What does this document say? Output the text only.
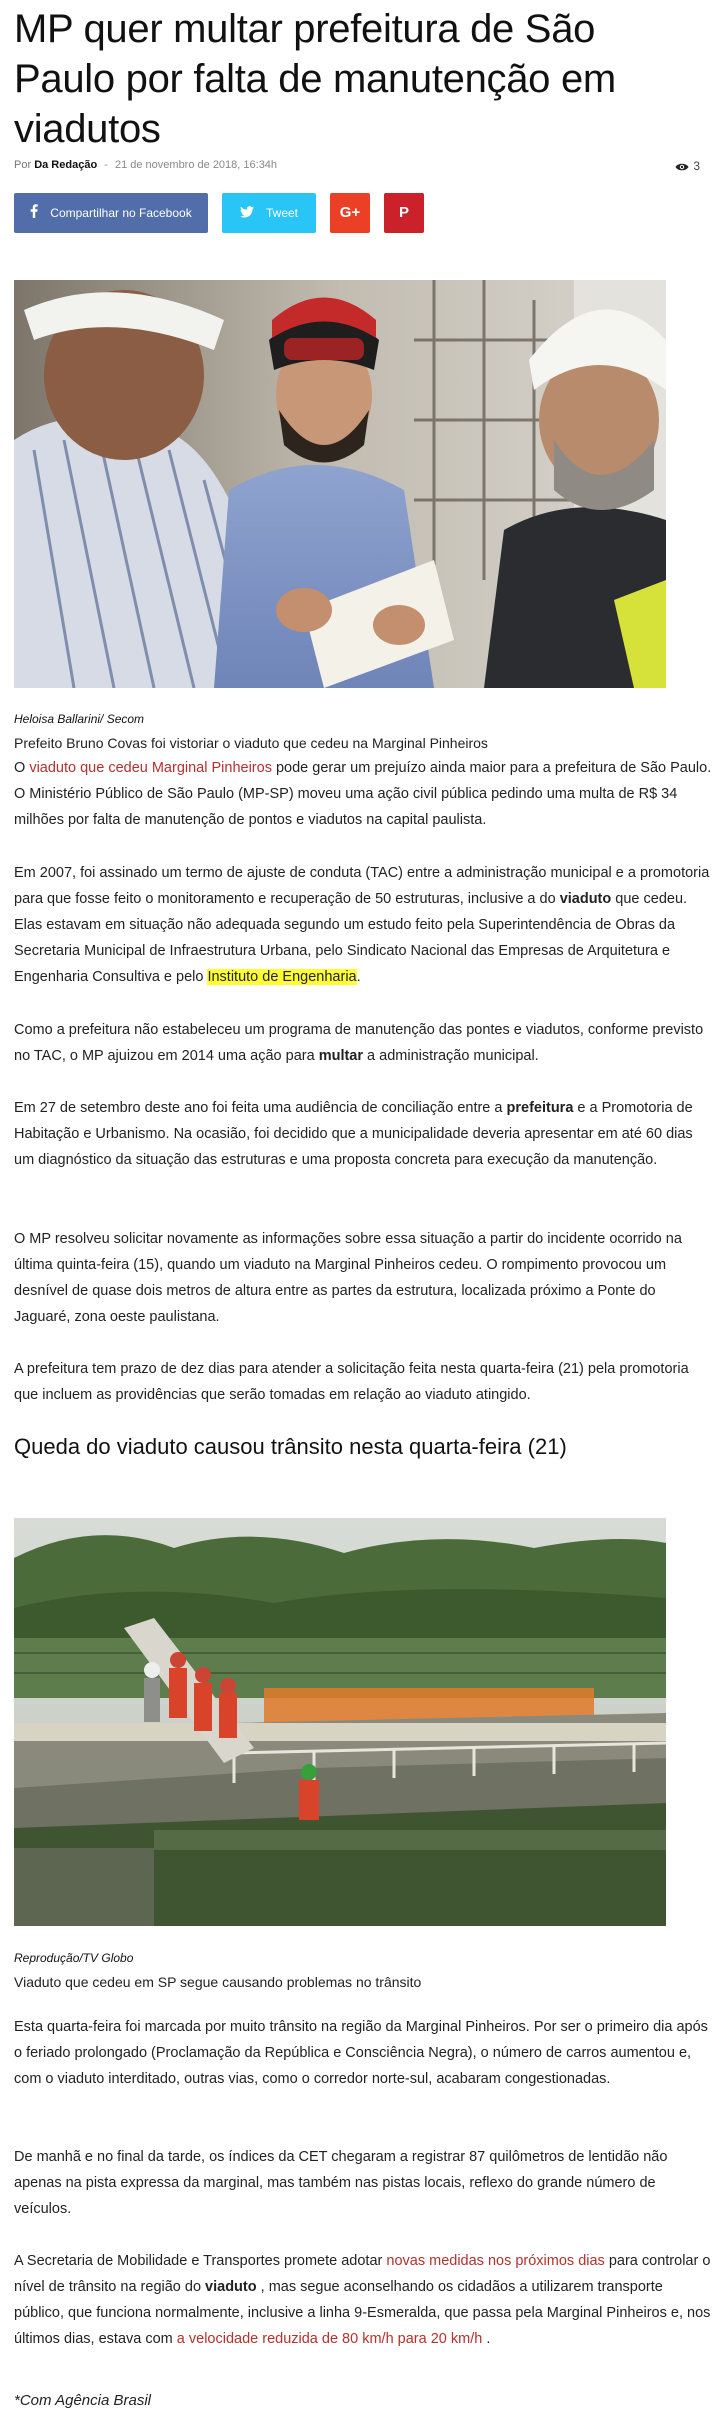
MP quer multar prefeitura de São Paulo por falta de manutenção em viadutos
Por Da Redação - 21 de novembro de 2018, 16:34h	3
Compartilhar no Facebook	Tweet	G+	P
Heloisa Ballarini/ Secom
Prefeito Bruno Covas foi vistoriar o viaduto que cedeu na Marginal Pinheiros

O viaduto que cedeu Marginal Pinheiros pode gerar um prejuízo ainda maior para a prefeitura de São Paulo. O Ministério Público de São Paulo (MP-SP) moveu uma ação civil pública pedindo uma multa de R$ 34 milhões por falta de manutenção de pontos e viadutos na capital paulista.

Em 2007, foi assinado um termo de ajuste de conduta (TAC) entre a administração municipal e a promotoria para que fosse feito o monitoramento e recuperação de 50 estruturas, inclusive a do viaduto que cedeu. Elas estavam em situação não adequada segundo um estudo feito pela Superintendência de Obras da Secretaria Municipal de Infraestrutura Urbana, pelo Sindicato Nacional das Empresas de Arquitetura e Engenharia Consultiva e pelo Instituto de Engenharia.

Como a prefeitura não estabeleceu um programa de manutenção das pontes e viadutos, conforme previsto no TAC, o MP ajuizou em 2014 uma ação para multar a administração municipal.

Em 27 de setembro deste ano foi feita uma audiência de conciliação entre a prefeitura e a Promotoria de Habitação e Urbanismo. Na ocasião, foi decidido que a municipalidade deveria apresentar em até 60 dias um diagnóstico da situação das estruturas e uma proposta concreta para execução da manutenção.

O MP resolveu solicitar novamente as informações sobre essa situação a partir do incidente ocorrido na última quinta-feira (15), quando um viaduto na Marginal Pinheiros cedeu. O rompimento provocou um desnível de quase dois metros de altura entre as partes da estrutura, localizada próximo a Ponte do Jaguaré, zona oeste paulistana.

A prefeitura tem prazo de dez dias para atender a solicitação feita nesta quarta-feira (21) pela promotoria que incluem as providências que serão tomadas em relação ao viaduto atingido.

Queda do viaduto causou trânsito nesta quarta-feira (21)
Reprodução/TV Globo
Viaduto que cedeu em SP segue causando problemas no trânsito

Esta quarta-feira foi marcada por muito trânsito na região da Marginal Pinheiros. Por ser o primeiro dia após o feriado prolongado (Proclamação da República e Consciência Negra), o número de carros aumentou e, com o viaduto interditado, outras vias, como o corredor norte-sul, acabaram congestionadas.

De manhã e no final da tarde, os índices da CET chegaram a registrar 87 quilômetros de lentidão não apenas na pista expressa da marginal, mas também nas pistas locais, reflexo do grande número de veículos.

A Secretaria de Mobilidade e Transportes promete adotar novas medidas nos próximos dias para controlar o nível de trânsito na região do viaduto , mas segue aconselhando os cidadãos a utilizarem transporte público, que funciona normalmente, inclusive a linha 9-Esmeralda, que passa pela Marginal Pinheiros e, nos últimos dias, estava com a velocidade reduzida de 80 km/h para 20 km/h .

*Com Agência Brasil
